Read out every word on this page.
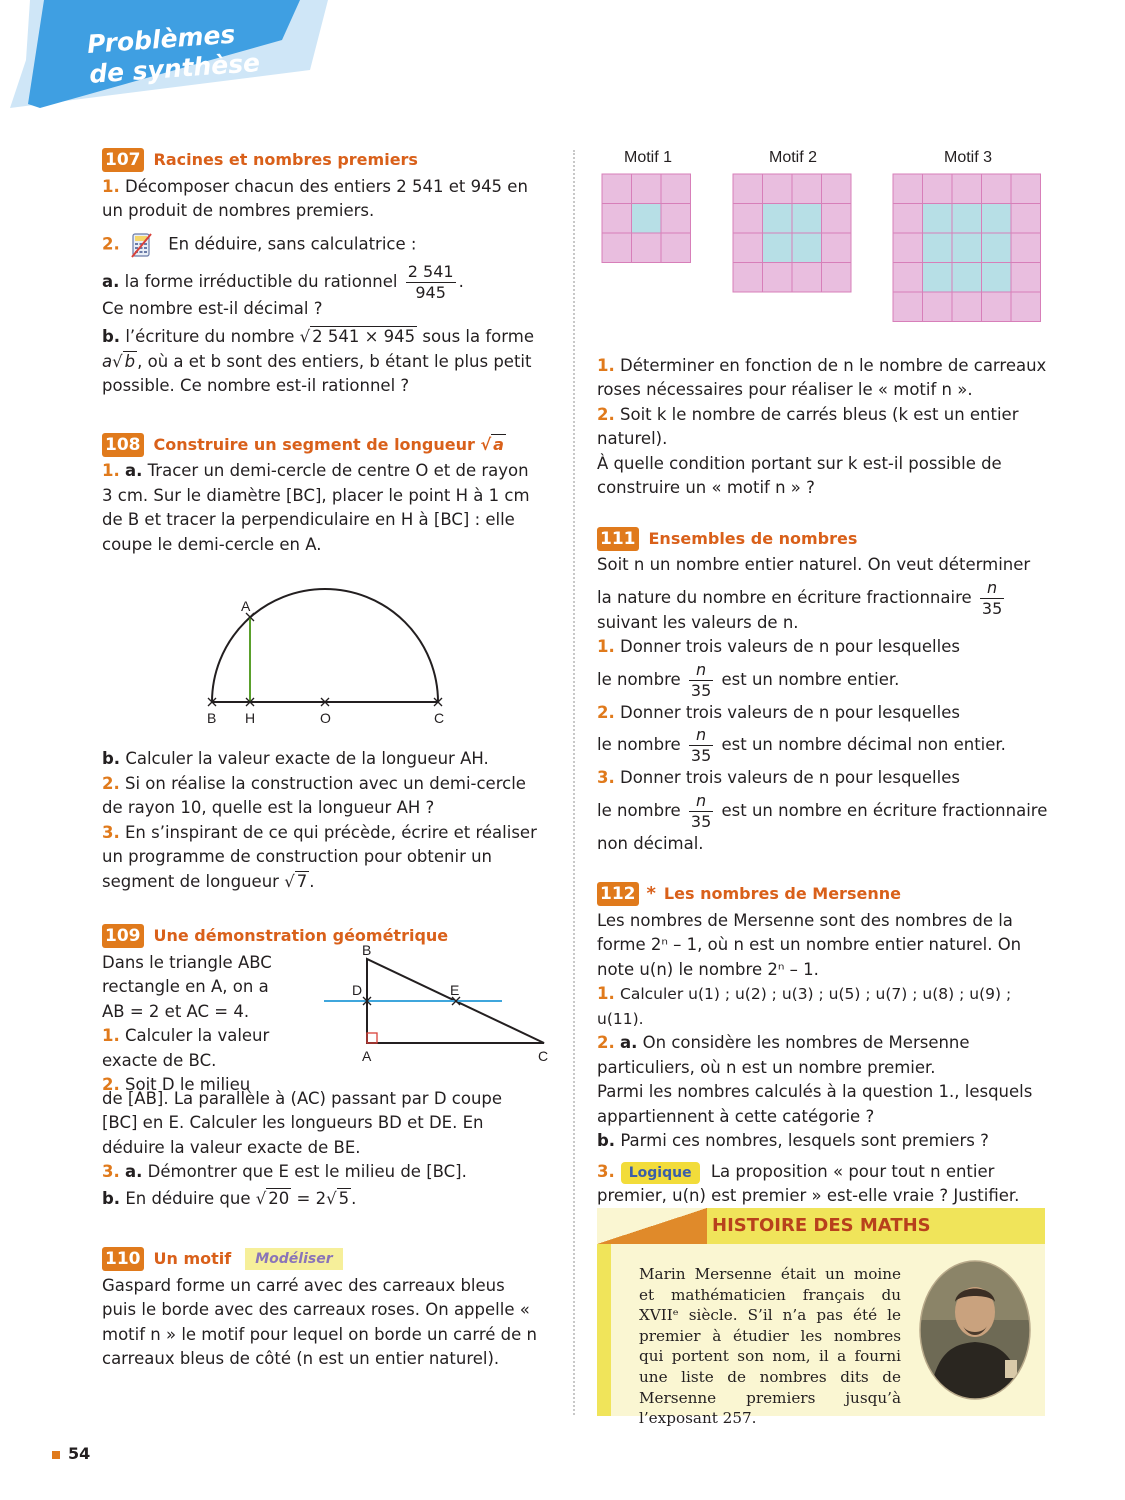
Problèmes
de synthèse
107 Racines et nombres premiers

1. Décomposer chacun des entiers 2 541 et 945 en un produit de nombres premiers.

2.	En déduire, sans calculatrice :

a. la forme irréductible du rationnel $\frac{2 541}{945}$ .

Ce nombre est-il décimal ?

b. l’écriture du nombre √ 2 541 × 945 sous la forme

a√ b , où a et b sont des entiers, b étant le plus petit possible. Ce nombre est-il rationnel ?

108 Construire un segment de longueur √ a

1. a. Tracer un demi-cercle de centre O et de rayon 3 cm. Sur le diamètre [BC], placer le point H à 1 cm de B et tracer la perpendiculaire en H à [BC] : elle coupe le demi-cercle en A.

A
B H	O	C

b. Calculer la valeur exacte de la longueur AH.

2. Si on réalise la construction avec un demi-cercle de rayon 10, quelle est la longueur AH ?

3. En s’inspirant de ce qui précède, écrire et réaliser un programme de construction pour obtenir un segment de longueur √ 7 .

109 Une démonstration géométrique

Dans le triangle ABC rectangle en A, on a AB = 2 et AC = 4.

1. Calculer la valeur exacte de BC.

2. Soit D le milieu

B
D	E
A	C

de [AB]. La parallèle à (AC) passant par D coupe [BC] en E. Calculer les longueurs BD et DE. En déduire la valeur exacte de BE.

3. a. Démontrer que E est le milieu de [BC].

b. En déduire que √ 20 = 2√ 5 .

110 Un motif	Modéliser

Gaspard forme un carré avec des carreaux bleus puis le borde avec des carreaux roses. On appelle « motif n » le motif pour lequel on borde un carré de n carreaux bleus de côté (n est un entier naturel).

Motif 1	Motif 2	Motif 3

1. Déterminer en fonction de n le nombre de carreaux roses nécessaires pour réaliser le « motif n ».

2. Soit k le nombre de carrés bleus (k est un entier naturel).

À quelle condition portant sur k est-il possible de construire un « motif n » ?

111 Ensembles de nombres

Soit n un nombre entier naturel. On veut déterminer

la nature du nombre en écriture fractionnaire $\frac{n}{35}$

suivant les valeurs de n.

1. Donner trois valeurs de n pour lesquelles

le nombre $\frac{n}{35}$ est un nombre entier.

2. Donner trois valeurs de n pour lesquelles

le nombre $\frac{n}{35}$ est un nombre décimal non entier.

3. Donner trois valeurs de n pour lesquelles

le nombre $\frac{n}{35}$ est un nombre en écriture fractionnaire

non décimal.

112 * Les nombres de Mersenne

Les nombres de Mersenne sont des nombres de la forme 2ⁿ – 1, où n est un nombre entier naturel. On note u(n) le nombre 2ⁿ – 1.

1. Calculer u(1) ; u(2) ; u(3) ; u(5) ; u(7) ; u(8) ; u(9) ; u(11).

2. a. On considère les nombres de Mersenne particuliers, où n est un nombre premier.

Parmi les nombres calculés à la question 1., lesquels appartiennent à cette catégorie ?

b. Parmi ces nombres, lesquels sont premiers ?

3. Logique La proposition « pour tout n entier premier, u(n) est premier » est-elle vraie ? Justifier.

HISTOIRE DES MATHS
Marin Mersenne était un moine et mathématicien français du XVIIᵉ siècle. S’il n’a pas été le premier à étudier les nombres qui portent son nom, il a fourni une liste de nombres dits de Mersenne premiers jusqu’à l’exposant 257.
54
